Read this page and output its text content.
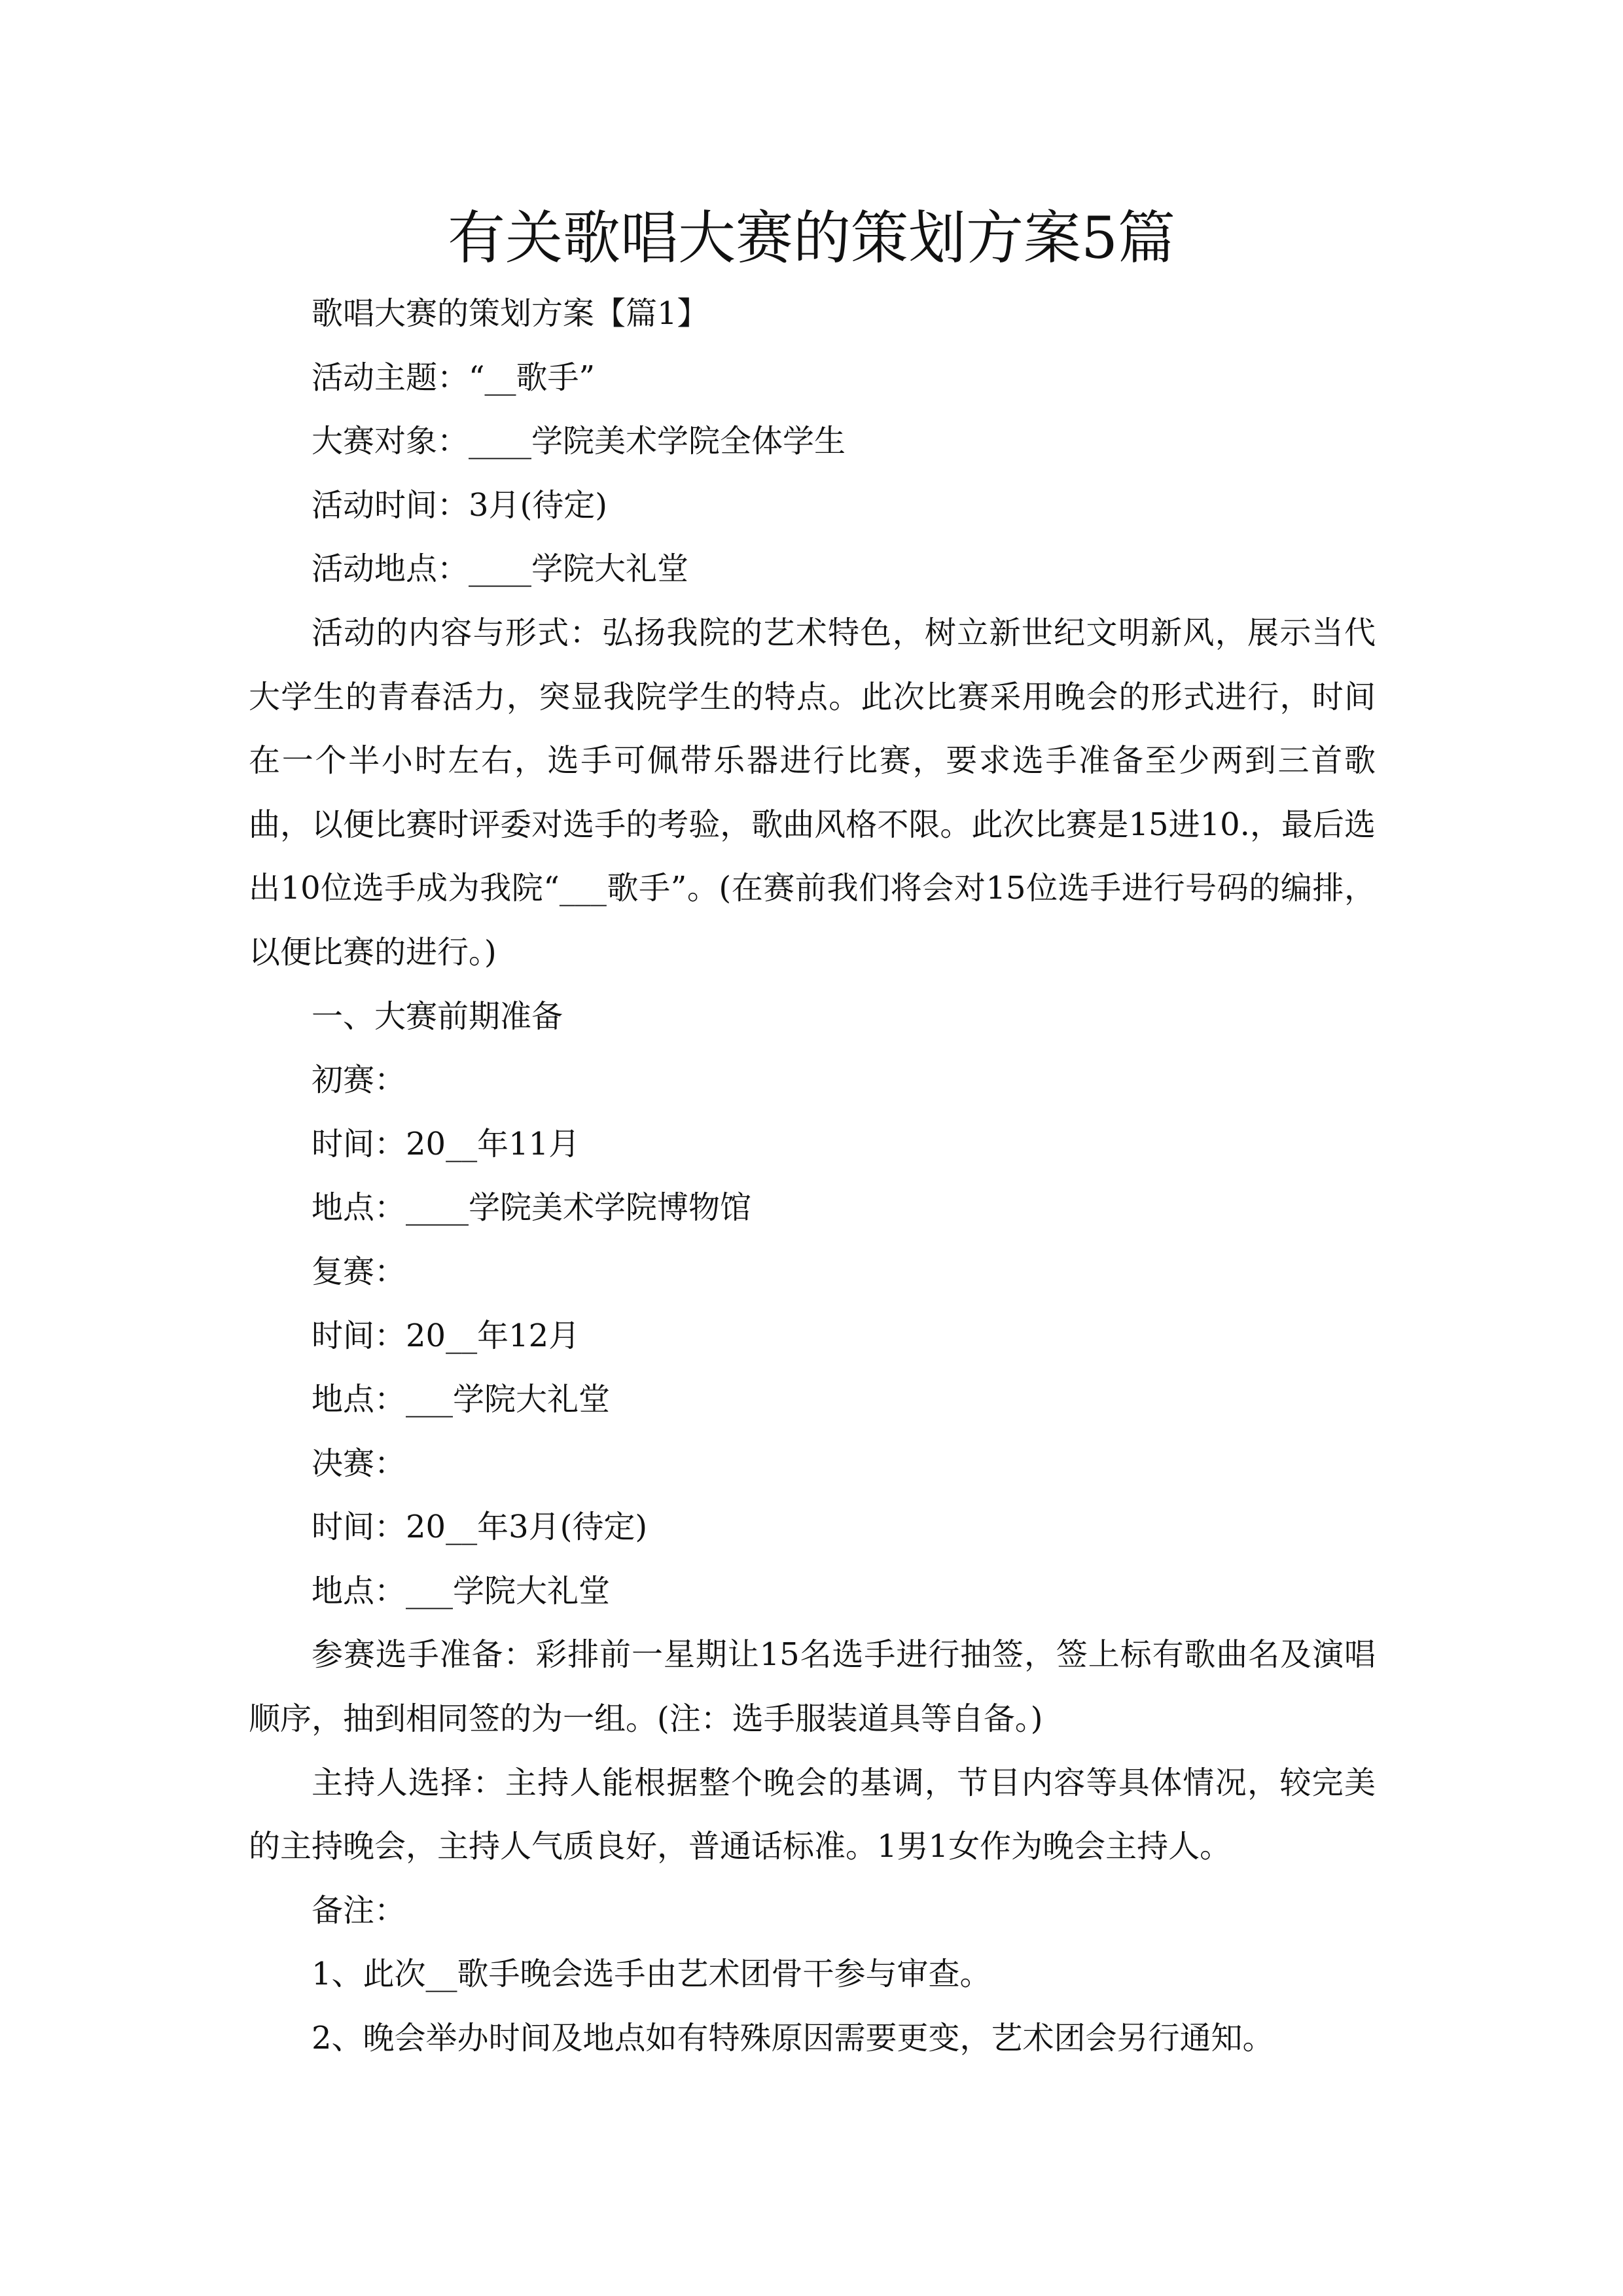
有关歌唱大赛的策划方案5篇

歌唱大赛的策划方案【篇1】

活动主题：“__歌手”

大赛对象：____学院美术学院全体学生

活动时间：3月(待定)

活动地点：____学院大礼堂

活动的内容与形式：弘扬我院的艺术特色，树立新世纪文明新风，展示当代大学生的青春活力，突显我院学生的特点。此次比赛采用晚会的形式进行，时间在一个半小时左右，选手可佩带乐器进行比赛，要求选手准备至少两到三首歌曲，以便比赛时评委对选手的考验，歌曲风格不限。此次比赛是15进10.，最后选出10位选手成为我院“___歌手”。(在赛前我们将会对15位选手进行号码的编排，以便比赛的进行。)

一、大赛前期准备

初赛：

时间：20__年11月

地点：____学院美术学院博物馆

复赛：

时间：20__年12月

地点：___学院大礼堂

决赛：

时间：20__年3月(待定)

地点：___学院大礼堂

参赛选手准备：彩排前一星期让15名选手进行抽签，签上标有歌曲名及演唱顺序，抽到相同签的为一组。(注：选手服装道具等自备。)

主持人选择：主持人能根据整个晚会的基调，节目内容等具体情况，较完美的主持晚会，主持人气质良好，普通话标准。1男1女作为晚会主持人。

备注：

1、此次__歌手晚会选手由艺术团骨干参与审查。

2、晚会举办时间及地点如有特殊原因需要更变，艺术团会另行通知。
